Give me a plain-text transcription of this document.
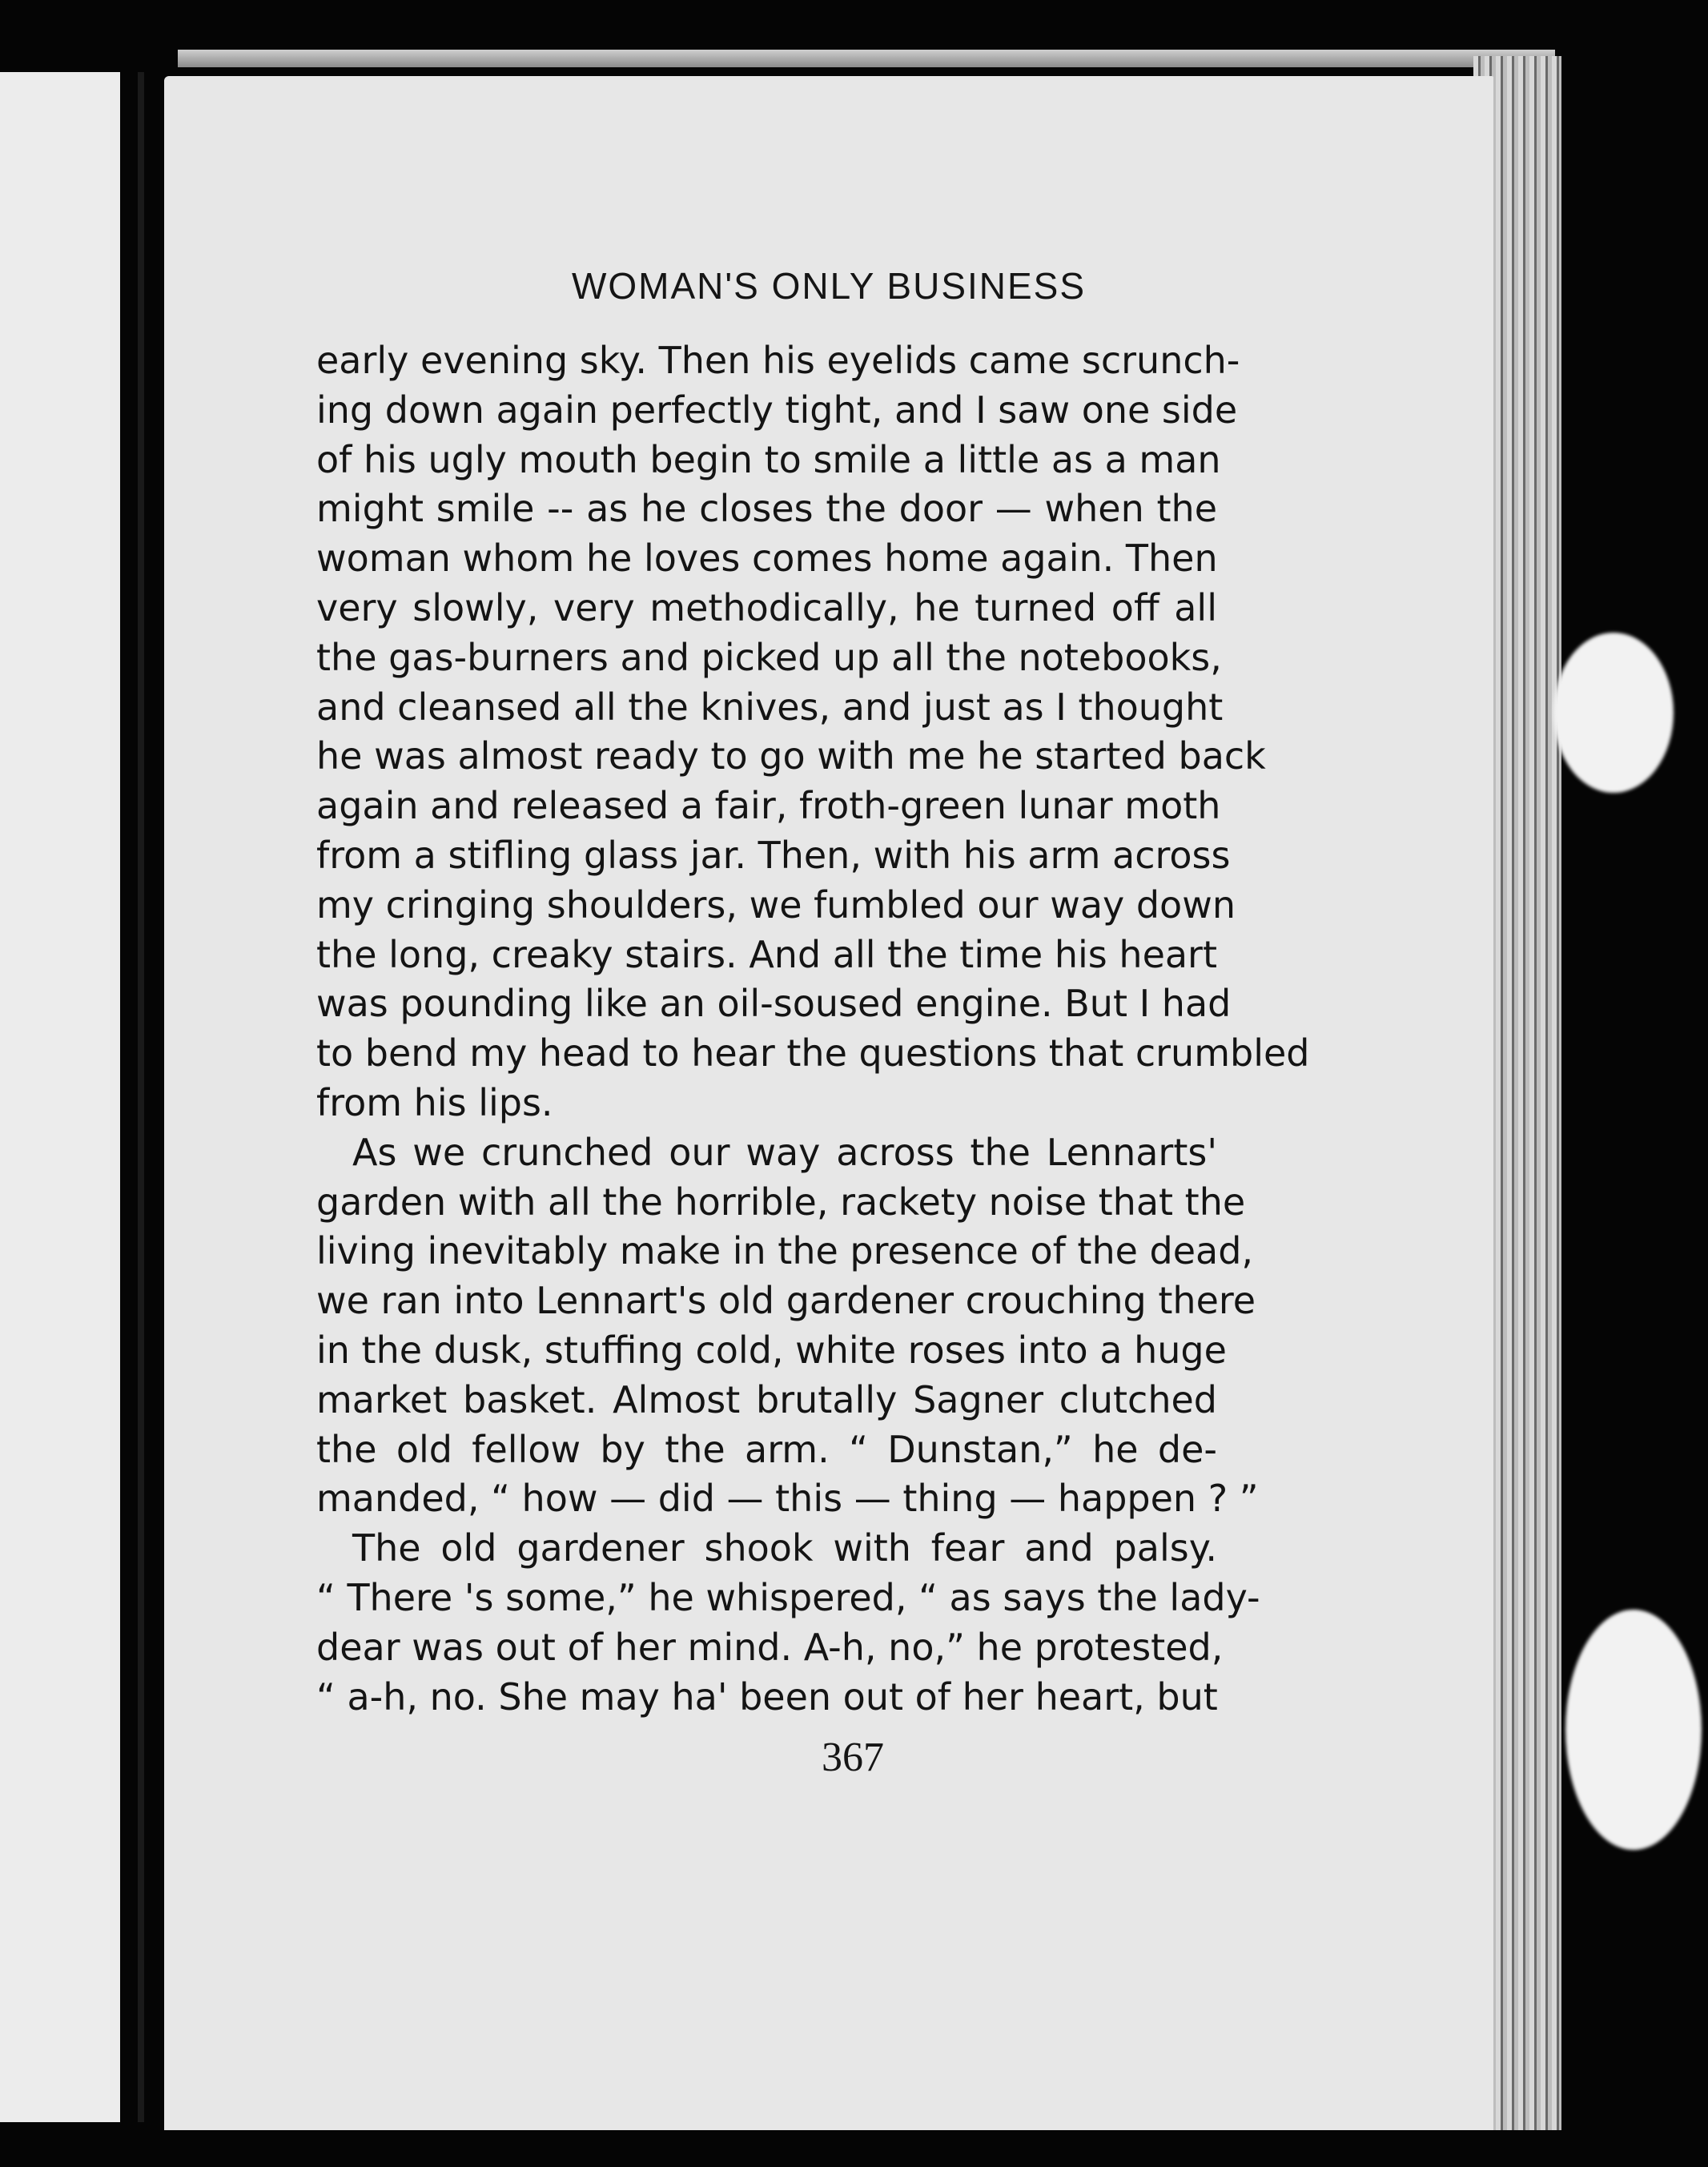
WOMAN'S ONLY BUSINESS
early evening sky. Then his eyelids came scrunch-
ing down again perfectly tight, and I saw one side
of his ugly mouth begin to smile a little as a man
might smile -- as he closes the door — when the
woman whom he loves comes home again. Then
very slowly, very methodically, he turned off all
the gas-burners and picked up all the notebooks,
and cleansed all the knives, and just as I thought
he was almost ready to go with me he started back
again and released a fair, froth-green lunar moth
from a stifling glass jar. Then, with his arm across
my cringing shoulders, we fumbled our way down
the long, creaky stairs. And all the time his heart
was pounding like an oil-soused engine. But I had
to bend my head to hear the questions that crumbled
from his lips.
As we crunched our way across the Lennarts'
garden with all the horrible, rackety noise that the
living inevitably make in the presence of the dead,
we ran into Lennart's old gardener crouching there
in the dusk, stuffing cold, white roses into a huge
market basket. Almost brutally Sagner clutched
the old fellow by the arm. “ Dunstan,” he de-
manded, “ how — did — this — thing — happen ? ”
The old gardener shook with fear and palsy.
“ There 's some,” he whispered, “ as says the lady-
dear was out of her mind. A-h, no,” he protested,
“ a-h, no. She may ha' been out of her heart, but
367
